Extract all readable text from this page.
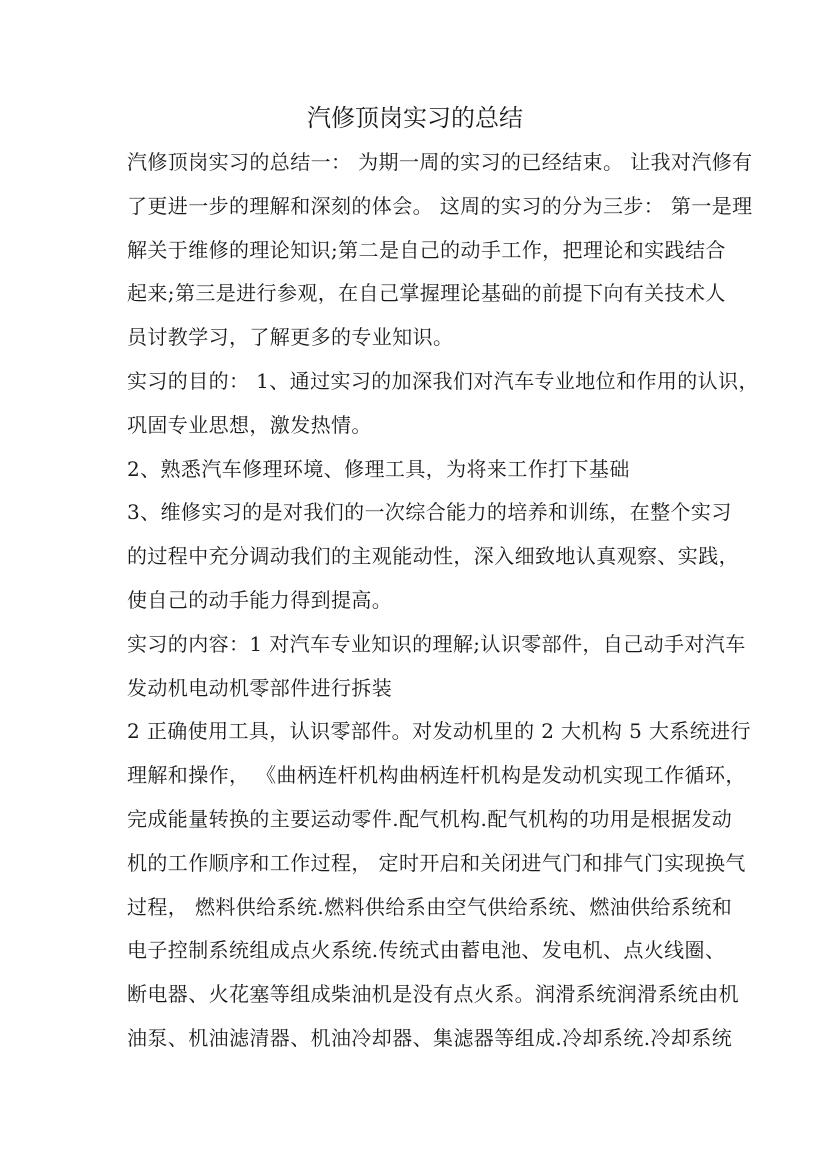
汽修顶岗实习的总结
汽修顶岗实习的总结一： 为期一周的实习的已经结束。 让我对汽修有
了更进一步的理解和深刻的体会。 这周的实习的分为三步： 第一是理
解关于维修的理论知识;第二是自己的动手工作，把理论和实践结合
起来;第三是进行参观，在自己掌握理论基础的前提下向有关技术人
员讨教学习，了解更多的专业知识。
实习的目的： 1、通过实习的加深我们对汽车专业地位和作用的认识，
巩固专业思想，激发热情。
2、熟悉汽车修理环境、修理工具，为将来工作打下基础
3、维修实习的是对我们的一次综合能力的培养和训练，在整个实习
的过程中充分调动我们的主观能动性，深入细致地认真观察、实践，
使自己的动手能力得到提高。
实习的内容：1 对汽车专业知识的理解;认识零部件，自己动手对汽车
发动机电动机零部件进行拆装
2 正确使用工具，认识零部件。对发动机里的 2 大机构 5 大系统进行
理解和操作， 《曲柄连杆机构曲柄连杆机构是发动机实现工作循环，
完成能量转换的主要运动零件.配气机构.配气机构的功用是根据发动
机的工作顺序和工作过程， 定时开启和关闭进气门和排气门实现换气
过程， 燃料供给系统.燃料供给系由空气供给系统、燃油供给系统和
电子控制系统组成点火系统.传统式由蓄电池、发电机、点火线圈、
断电器、火花塞等组成柴油机是没有点火系。润滑系统润滑系统由机
油泵、机油滤清器、机油冷却器、集滤器等组成.冷却系统.冷却系统
